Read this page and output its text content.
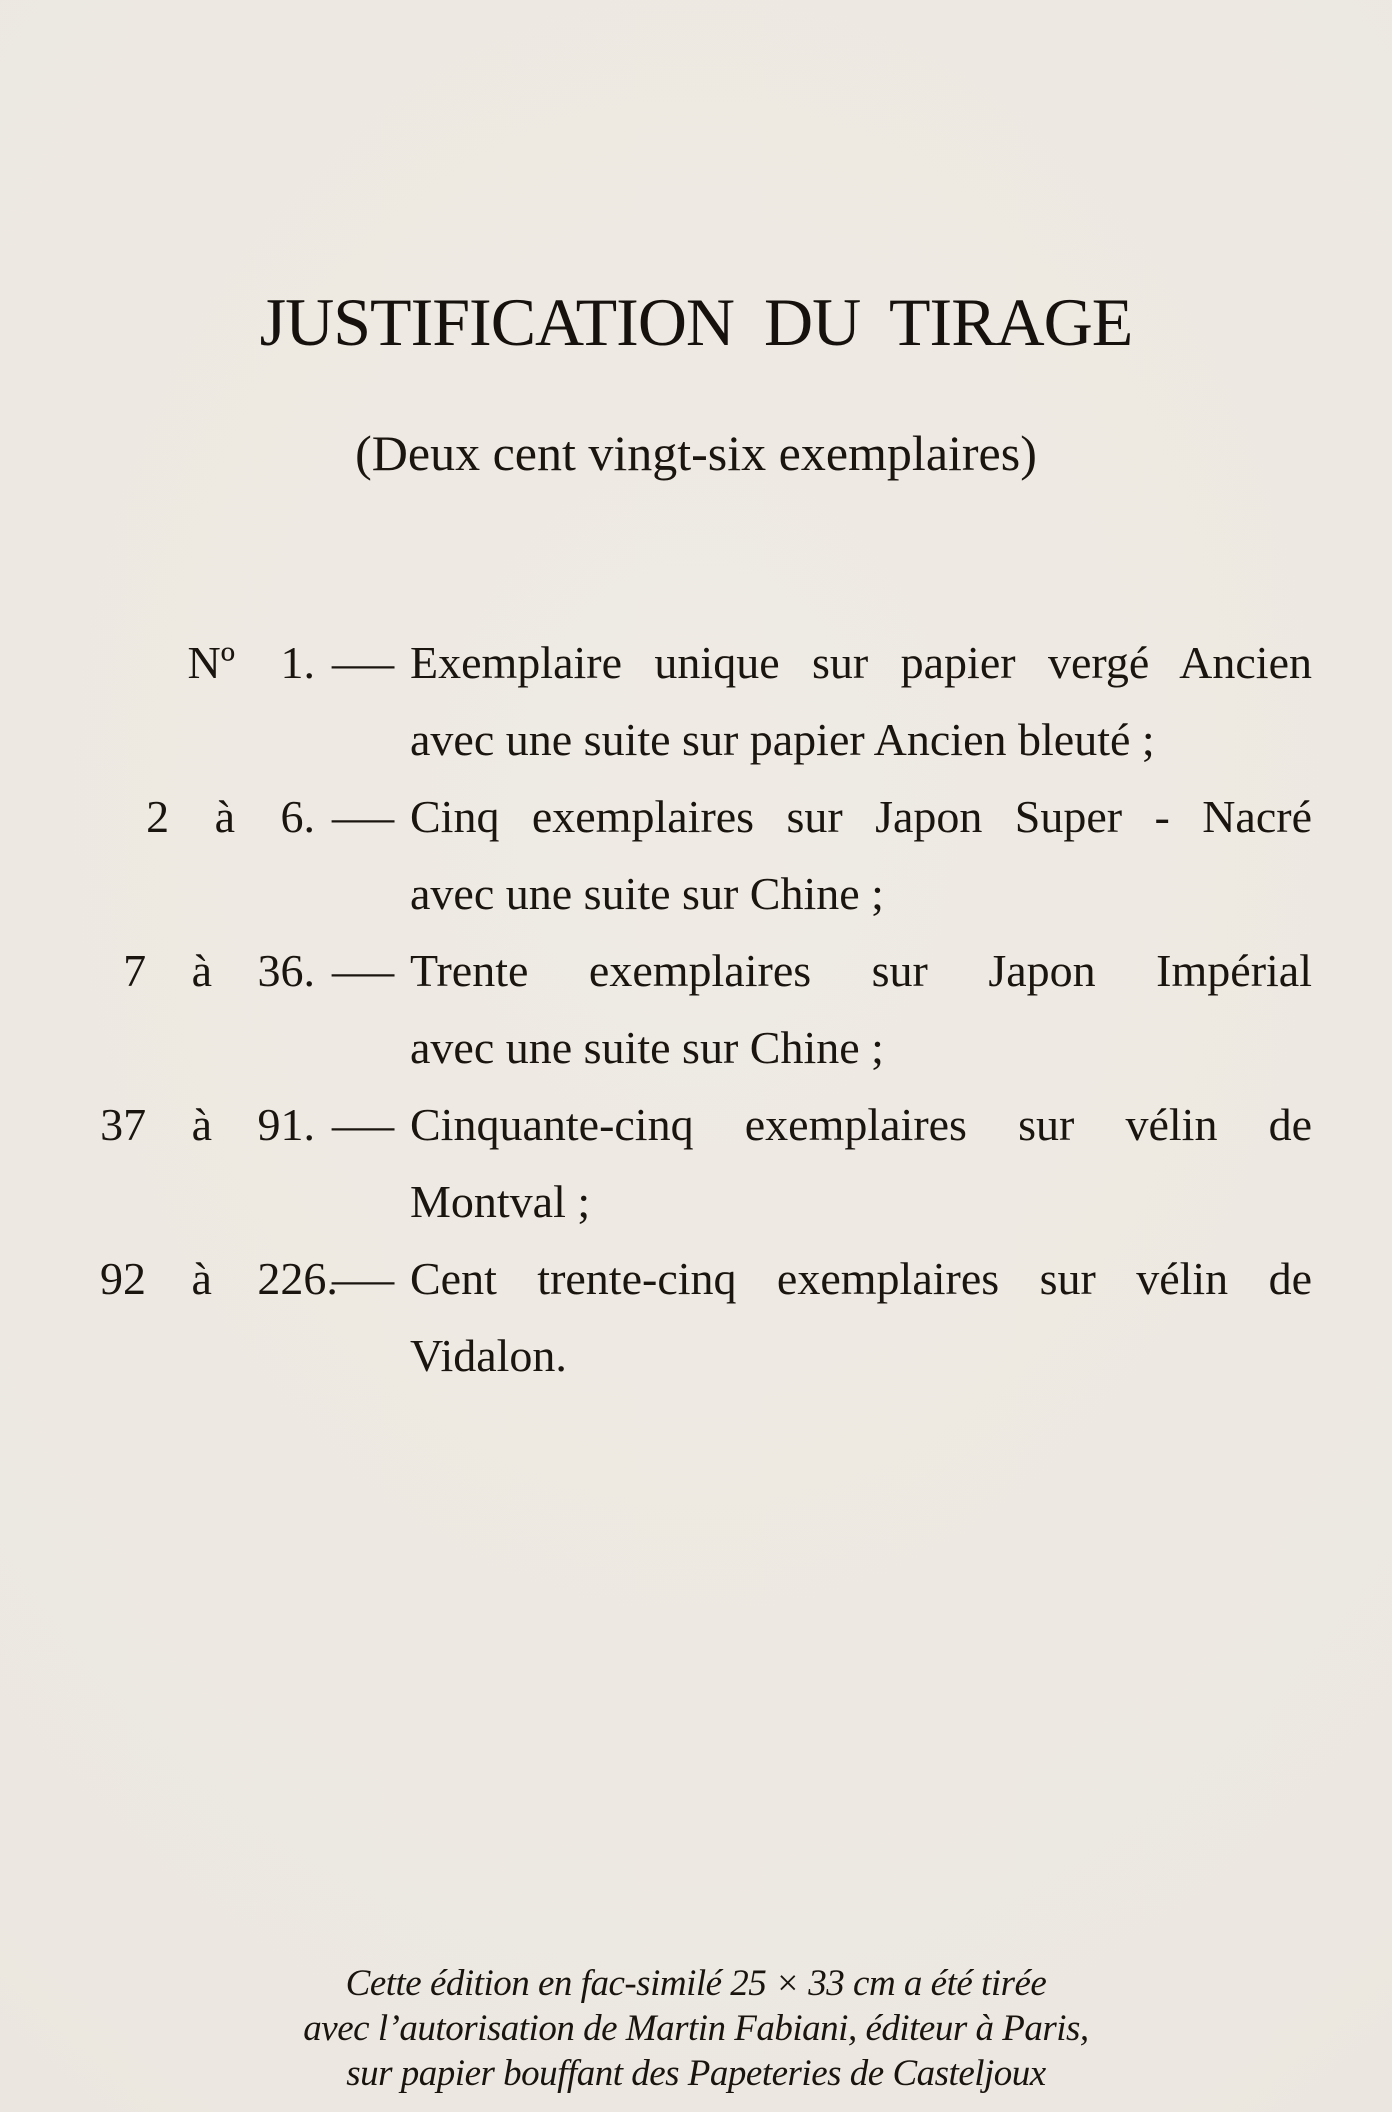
JUSTIFICATION DU TIRAGE
(Deux cent vingt-six exemplaires)
Nº 1. — Exemplaire unique sur papier vergé Ancien
avec une suite sur papier Ancien bleuté ;
2 à 6. — Cinq exemplaires sur Japon Super - Nacré
avec une suite sur Chine ;
7 à 36. — Trente exemplaires sur Japon Impérial
avec une suite sur Chine ;
37 à 91. — Cinquante-cinq exemplaires sur vélin de
Montval ;
92 à 226.
— Cent trente-cinq exemplaires sur vélin de
Vidalon.
Cette édition en fac-similé 25 × 33 cm a été tirée
avec l’autorisation de Martin Fabiani, éditeur à Paris,
sur papier bouffant des Papeteries de Casteljoux
